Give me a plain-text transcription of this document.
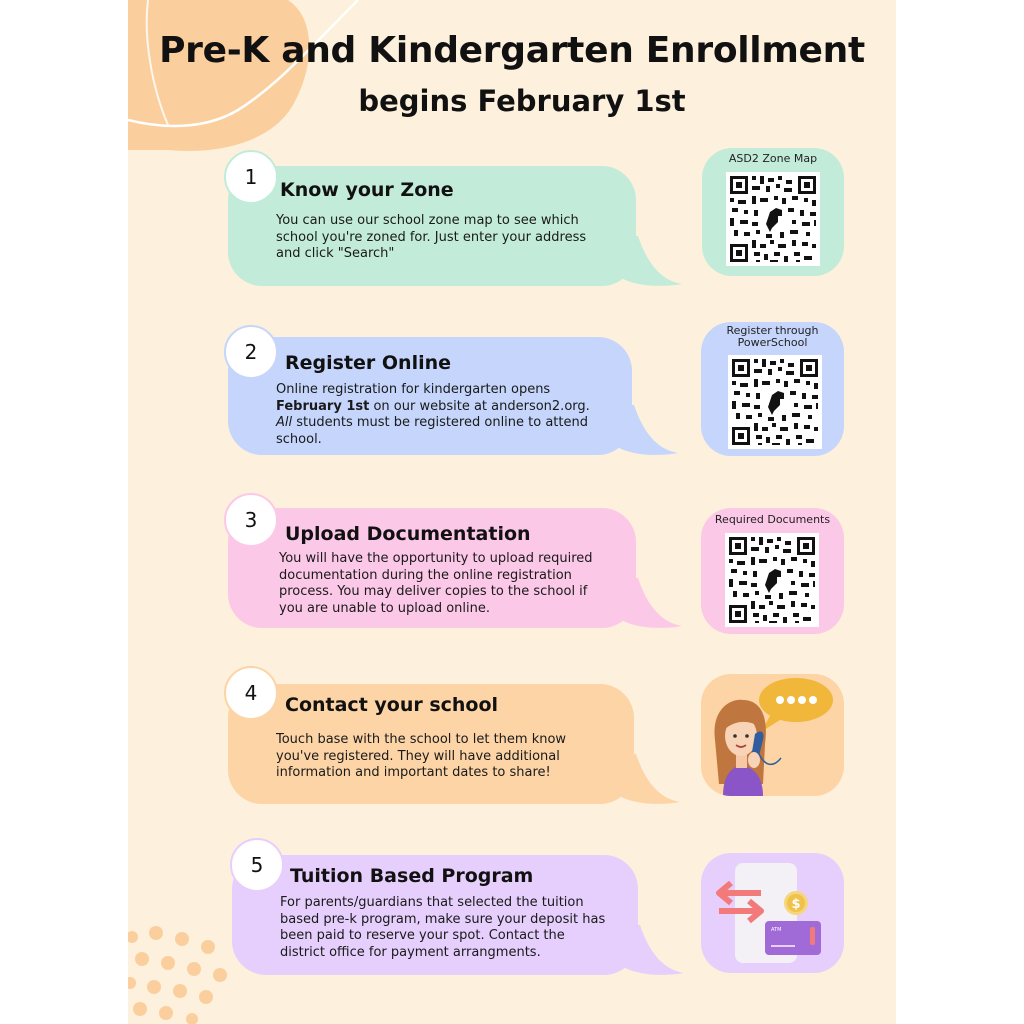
Pre-K and Kindergarten Enrollment
begins February 1st
Know your Zone
You can use our school zone map to see which
school you're zoned for. Just enter your address
and click "Search"
1
ASD2 Zone Map
Register Online
Online registration for kindergarten opens
February 1st on our website at anderson2.org.
All students must be registered online to attend
school.
2
Register through PowerSchool
Upload Documentation
You will have the opportunity to upload required
documentation during the online registration
process. You may deliver copies to the school if
you are unable to upload online.
3	Required Documents
Contact your school
Touch base with the school to let them know
you've registered. They will have additional
information and important dates to share!
4
Tuition Based Program
For parents/guardians that selected the tuition
based pre-k program, make sure your deposit has
been paid to reserve your spot. Contact the
district office for payment arrangments.
5
$
ATM
